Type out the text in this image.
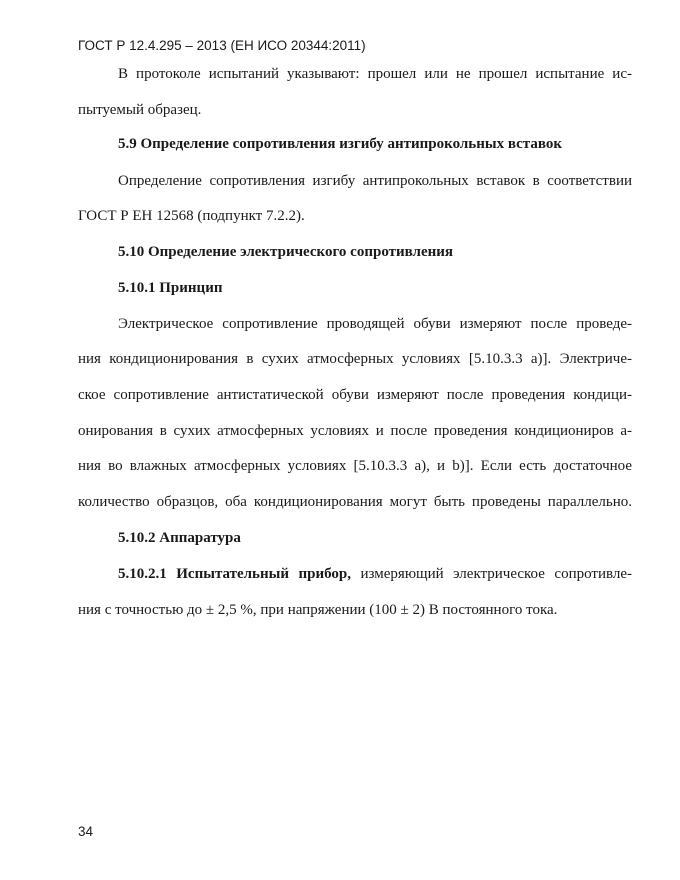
ГОСТ Р 12.4.295 – 2013 (ЕН ИСО 20344:2011)
В протоколе испытаний указывают: прошел или не прошел испытание ис-
пытуемый образец.
5.9 Определение сопротивления изгибу антипрокольных вставок
Определение сопротивления изгибу антипрокольных вставок в соответствии
ГОСТ Р ЕН 12568 (подпункт 7.2.2).
5.10 Определение электрического сопротивления
5.10.1 Принцип
Электрическое сопротивление проводящей обуви измеряют после проведе-
ния кондиционирования в сухих атмосферных условиях [5.10.3.3 а)]. Электриче-
ское сопротивление антистатической обуви измеряют после проведения кондици-
онирования в сухих атмосферных условиях и после проведения кондициониров а-
ния во влажных атмосферных условиях [5.10.3.3 а), и b)]. Если есть достаточное
количество образцов, оба кондиционирования могут быть проведены параллельно.
5.10.2 Аппаратура
5.10.2.1 Испытательный прибор, измеряющий электрическое сопротивле-
ния с точностью до ± 2,5 %, при напряжении (100 ± 2) В постоянного тока.
34
